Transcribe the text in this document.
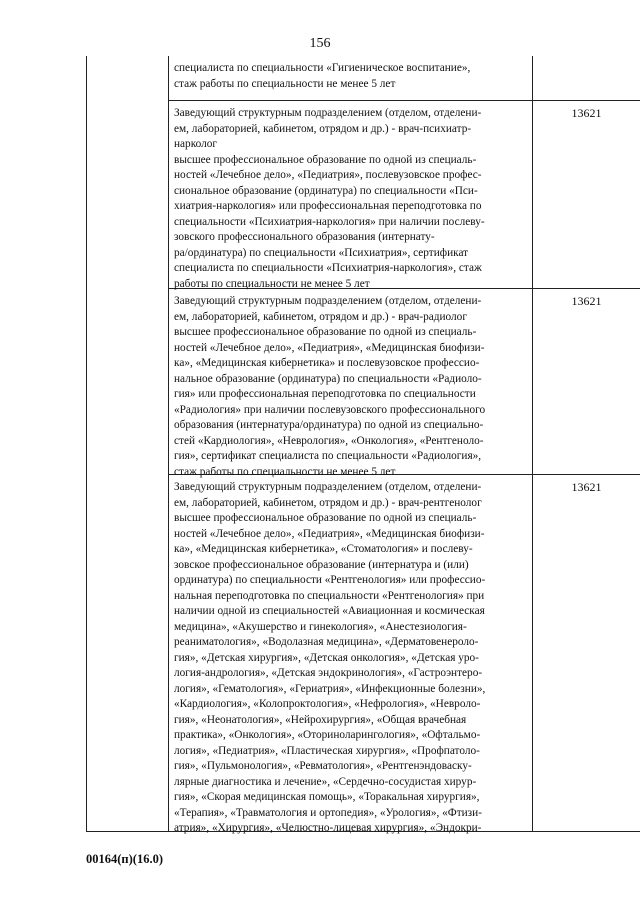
156
специалиста по специальности «Гигиеническое воспитание»,
стаж работы по специальности не менее 5 лет
Заведующий структурным подразделением (отделом, отделени-
ем, лабораторией, кабинетом, отрядом и др.) - врач-психиатр-
нарколог
высшее профессиональное образование по одной из специаль-
ностей «Лечебное дело», «Педиатрия», послевузовское профес-
сиональное образование (ординатура) по специальности «Пси-
хиатрия-наркология» или профессиональная переподготовка по
специальности «Психиатрия-наркология» при наличии послеву-
зовского профессионального образования (интернату-
ра/ординатура) по специальности «Психиатрия», сертификат
специалиста по специальности «Психиатрия-наркология», стаж
работы по специальности не менее 5 лет
13621
Заведующий структурным подразделением (отделом, отделени-
ем, лабораторией, кабинетом, отрядом и др.) - врач-радиолог
высшее профессиональное образование по одной из специаль-
ностей «Лечебное дело», «Педиатрия», «Медицинская биофизи-
ка», «Медицинская кибернетика» и послевузовское профессио-
нальное образование (ординатура) по специальности «Радиоло-
гия» или профессиональная переподготовка по специальности
«Радиология» при наличии послевузовского профессионального
образования (интернатура/ординатура) по одной из специально-
стей «Кардиология», «Неврология», «Онкология», «Рентгеноло-
гия», сертификат специалиста по специальности «Радиология»,
стаж работы по специальности не менее 5 лет
13621
Заведующий структурным подразделением (отделом, отделени-
ем, лабораторией, кабинетом, отрядом и др.) - врач-рентгенолог
высшее профессиональное образование по одной из специаль-
ностей «Лечебное дело», «Педиатрия», «Медицинская биофизи-
ка», «Медицинская кибернетика», «Стоматология» и послеву-
зовское профессиональное образование (интернатура и (или)
ординатура) по специальности «Рентгенология» или профессио-
нальная переподготовка по специальности «Рентгенология» при
наличии одной из специальностей «Авиационная и космическая
медицина», «Акушерство и гинекология», «Анестезиология-
реаниматология», «Водолазная медицина», «Дерматовенероло-
гия», «Детская хирургия», «Детская онкология», «Детская уро-
логия-андрология», «Детская эндокринология», «Гастроэнтеро-
логия», «Гематология», «Гериатрия», «Инфекционные болезни»,
«Кардиология», «Колопроктология», «Нефрология», «Невроло-
гия», «Неонатология», «Нейрохирургия», «Общая врачебная
практика», «Онкология», «Оториноларингология», «Офтальмо-
логия», «Педиатрия», «Пластическая хирургия», «Профпатоло-
гия», «Пульмонология», «Ревматология», «Рентгенэндоваску-
лярные диагностика и лечение», «Сердечно-сосудистая хирур-
гия», «Скорая медицинская помощь», «Торакальная хирургия»,
«Терапия», «Травматология и ортопедия», «Урология», «Фтизи-
атрия», «Хирургия», «Челюстно-лицевая хирургия», «Эндокри-
13621
00164(п)(16.0)
